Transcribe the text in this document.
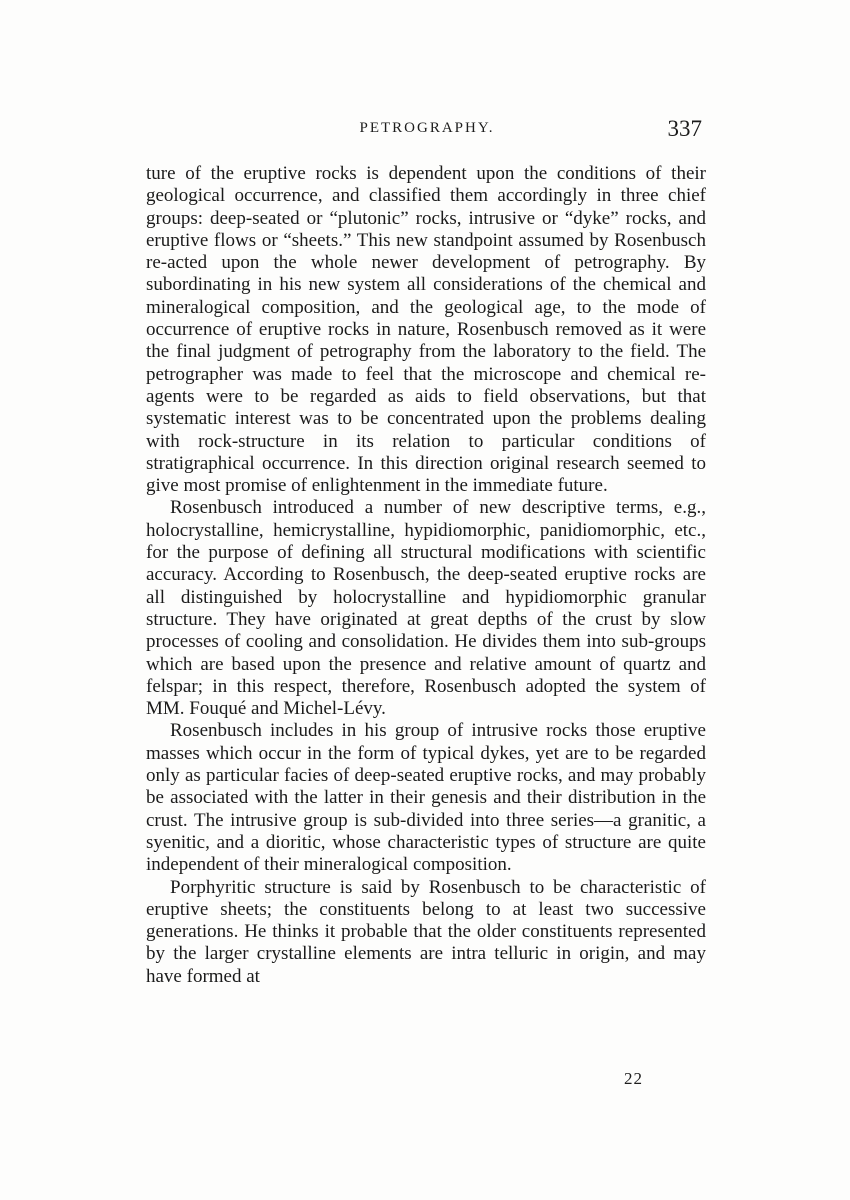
PETROGRAPHY.	337

ture of the eruptive rocks is dependent upon the conditions of their geological occurrence, and classified them accordingly in three chief groups: deep-seated or “plutonic” rocks, intrusive or “dyke” rocks, and eruptive flows or “sheets.” This new standpoint assumed by Rosenbusch re-acted upon the whole newer development of petrography. By subordinating in his new system all considerations of the chemical and mineralogical composition, and the geological age, to the mode of occurrence of eruptive rocks in nature, Rosenbusch removed as it were the final judgment of petrography from the laboratory to the field. The petrographer was made to feel that the microscope and chemical re-agents were to be regarded as aids to field observations, but that systematic interest was to be concentrated upon the problems dealing with rock-structure in its relation to particular conditions of stratigraphical occurrence. In this direction original research seemed to give most promise of enlightenment in the immediate future.

Rosenbusch introduced a number of new descriptive terms, e.g., holocrystalline, hemicrystalline, hypidiomorphic, panidiomorphic, etc., for the purpose of defining all structural modifications with scientific accuracy. According to Rosenbusch, the deep-seated eruptive rocks are all distinguished by holocrystalline and hypidiomorphic granular structure. They have originated at great depths of the crust by slow processes of cooling and consolidation. He divides them into sub-groups which are based upon the presence and relative amount of quartz and felspar; in this respect, therefore, Rosenbusch adopted the system of MM. Fouqué and Michel-Lévy.

Rosenbusch includes in his group of intrusive rocks those eruptive masses which occur in the form of typical dykes, yet are to be regarded only as particular facies of deep-seated eruptive rocks, and may probably be associated with the latter in their genesis and their distribution in the crust. The intrusive group is sub-divided into three series—a granitic, a syenitic, and a dioritic, whose characteristic types of structure are quite independent of their mineralogical composition.

Porphyritic structure is said by Rosenbusch to be characteristic of eruptive sheets; the constituents belong to at least two successive generations. He thinks it probable that the older constituents represented by the larger crystalline elements are intra telluric in origin, and may have formed at

22
